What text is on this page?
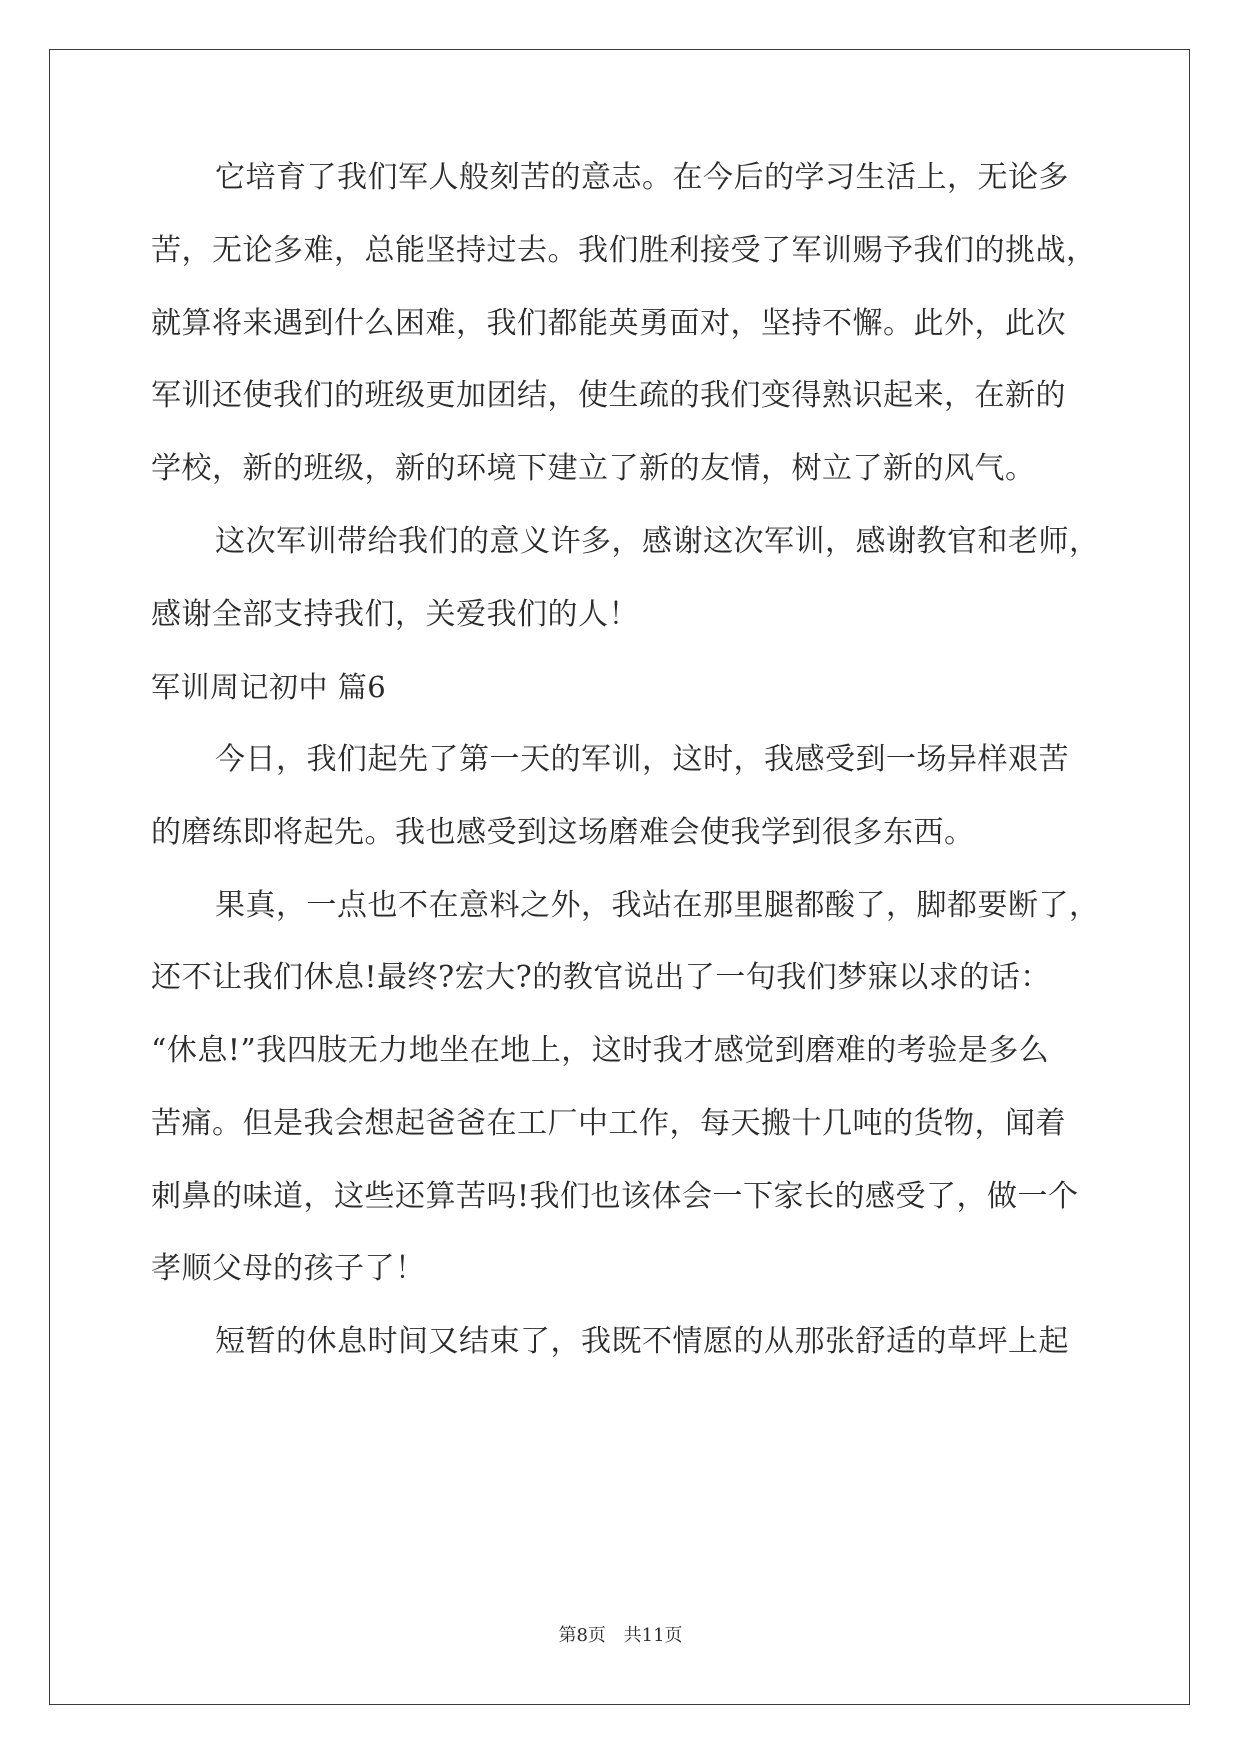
它培育了我们军人般刻苦的意志。在今后的学习生活上，无论多
苦，无论多难，总能坚持过去。我们胜利接受了军训赐予我们的挑战，
就算将来遇到什么困难，我们都能英勇面对，坚持不懈。此外，此次
军训还使我们的班级更加团结，使生疏的我们变得熟识起来，在新的
学校，新的班级，新的环境下建立了新的友情，树立了新的风气。
这次军训带给我们的意义许多，感谢这次军训，感谢教官和老师，
感谢全部支持我们，关爱我们的人！
军训周记初中 篇6
今日，我们起先了第一天的军训，这时，我感受到一场异样艰苦
的磨练即将起先。我也感受到这场磨难会使我学到很多东西。
果真，一点也不在意料之外，我站在那里腿都酸了，脚都要断了，
还不让我们休息!最终?宏大?的教官说出了一句我们梦寐以求的话：
“休息!”我四肢无力地坐在地上，这时我才感觉到磨难的考验是多么
苦痛。但是我会想起爸爸在工厂中工作，每天搬十几吨的货物，闻着
刺鼻的味道，这些还算苦吗!我们也该体会一下家长的感受了，做一个
孝顺父母的孩子了！
短暂的休息时间又结束了，我既不情愿的从那张舒适的草坪上起
第8页 共11页
